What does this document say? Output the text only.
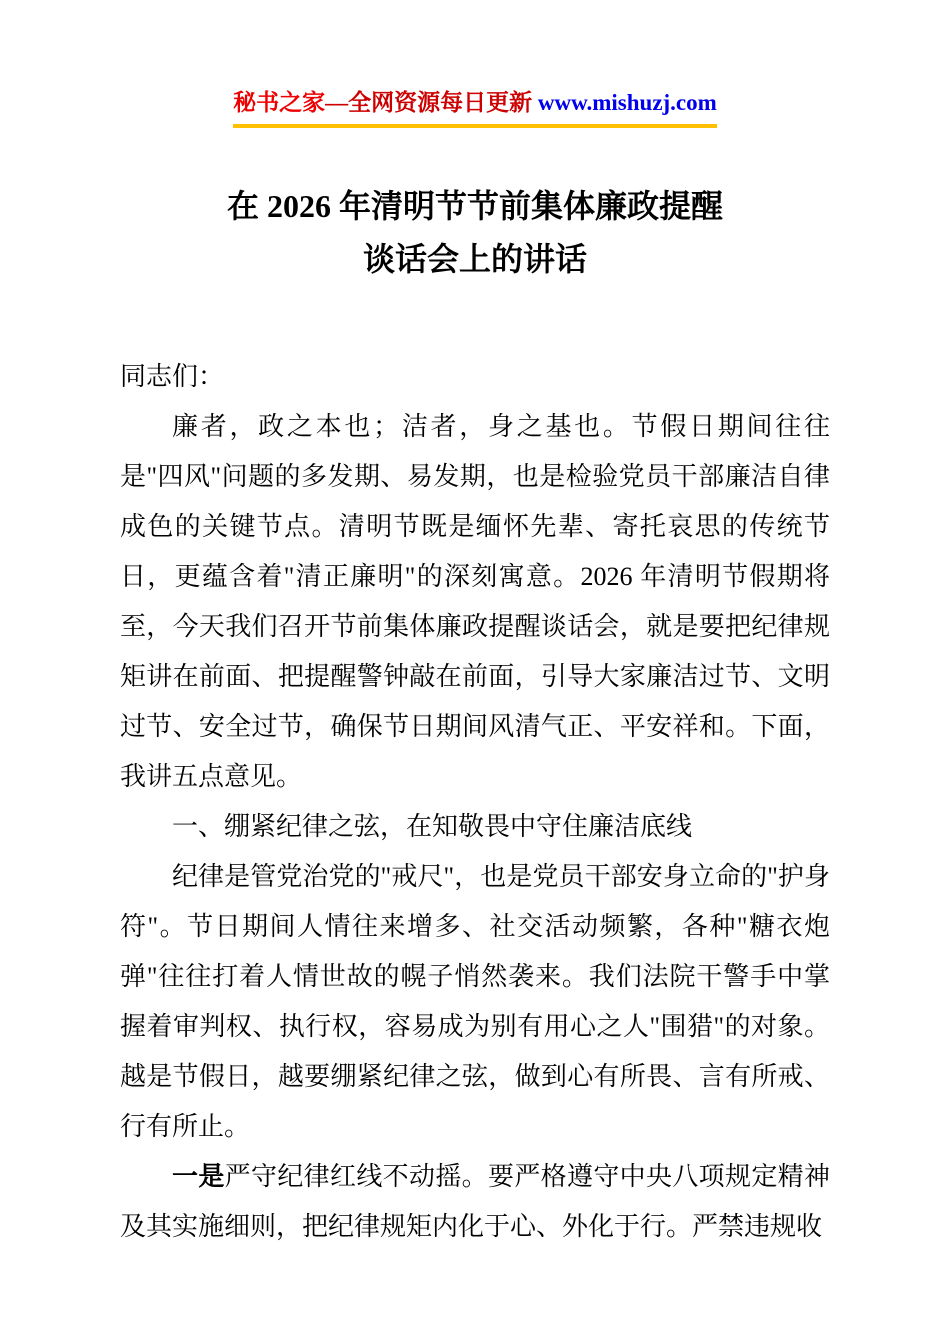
秘书之家—全网资源每日更新 www.mishuzj.com
在 2026 年清明节节前集体廉政提醒
谈话会上的讲话

同志们：

廉者，政之本也；洁者，身之基也。节假日期间往往是"四风"问题的多发期、易发期，也是检验党员干部廉洁自律成色的关键节点。清明节既是缅怀先辈、寄托哀思的传统节日，更蕴含着"清正廉明"的深刻寓意。2026 年清明节假期将至，今天我们召开节前集体廉政提醒谈话会，就是要把纪律规矩讲在前面、把提醒警钟敲在前面，引导大家廉洁过节、文明过节、安全过节，确保节日期间风清气正、平安祥和。下面，我讲五点意见。

一、绷紧纪律之弦，在知敬畏中守住廉洁底线

纪律是管党治党的"戒尺"，也是党员干部安身立命的"护身符"。节日期间人情往来增多、社交活动频繁，各种"糖衣炮弹"往往打着人情世故的幌子悄然袭来。我们法院干警手中掌握着审判权、执行权，容易成为别有用心之人"围猎"的对象。越是节假日，越要绷紧纪律之弦，做到心有所畏、言有所戒、行有所止。

一是严守纪律红线不动摇。要严格遵守中央八项规定精神及其实施细则，把纪律规矩内化于心、外化于行。严禁违规收
